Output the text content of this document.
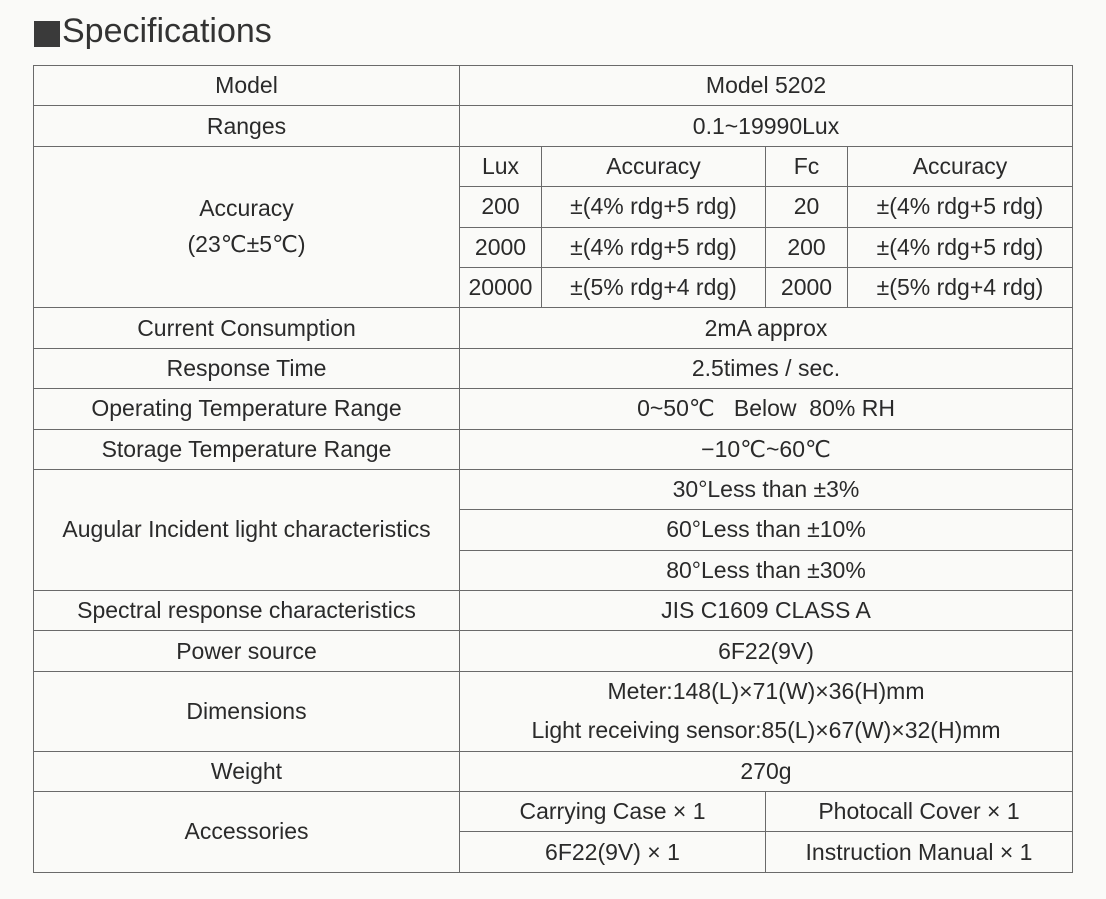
Specifications
Model	Model 5202			
Ranges	0.1~19990Lux			

Accuracy
(23℃±5℃)	Lux	Accuracy	Fc	Accuracy
	200	±(4% rdg+5 rdg)	20	±(4% rdg+5 rdg)
	2000	±(4% rdg+5 rdg)	200	±(4% rdg+5 rdg)
	20000	±(5% rdg+4 rdg)	2000	±(5% rdg+4 rdg)
Current Consumption	2mA approx			
Response Time	2.5times / sec.			
Operating Temperature Range	0~50℃   Below  80% RH			
Storage Temperature Range	−10℃~60℃			
Augular Incident light characteristics	30°Less than ±3%			
	60°Less than ±10%			
	80°Less than ±30%			
Spectral response characteristics	JIS C1609 CLASS A			
Power source	6F22(9V)			
Dimensions	Meter:148(L)×71(W)×36(H)mm			
	Light receiving sensor:85(L)×67(W)×32(H)mm			
Weight	270g			
Accessories	Carrying Case × 1		Photocall Cover × 1	
	6F22(9V) × 1		Instruction Manual × 1	
